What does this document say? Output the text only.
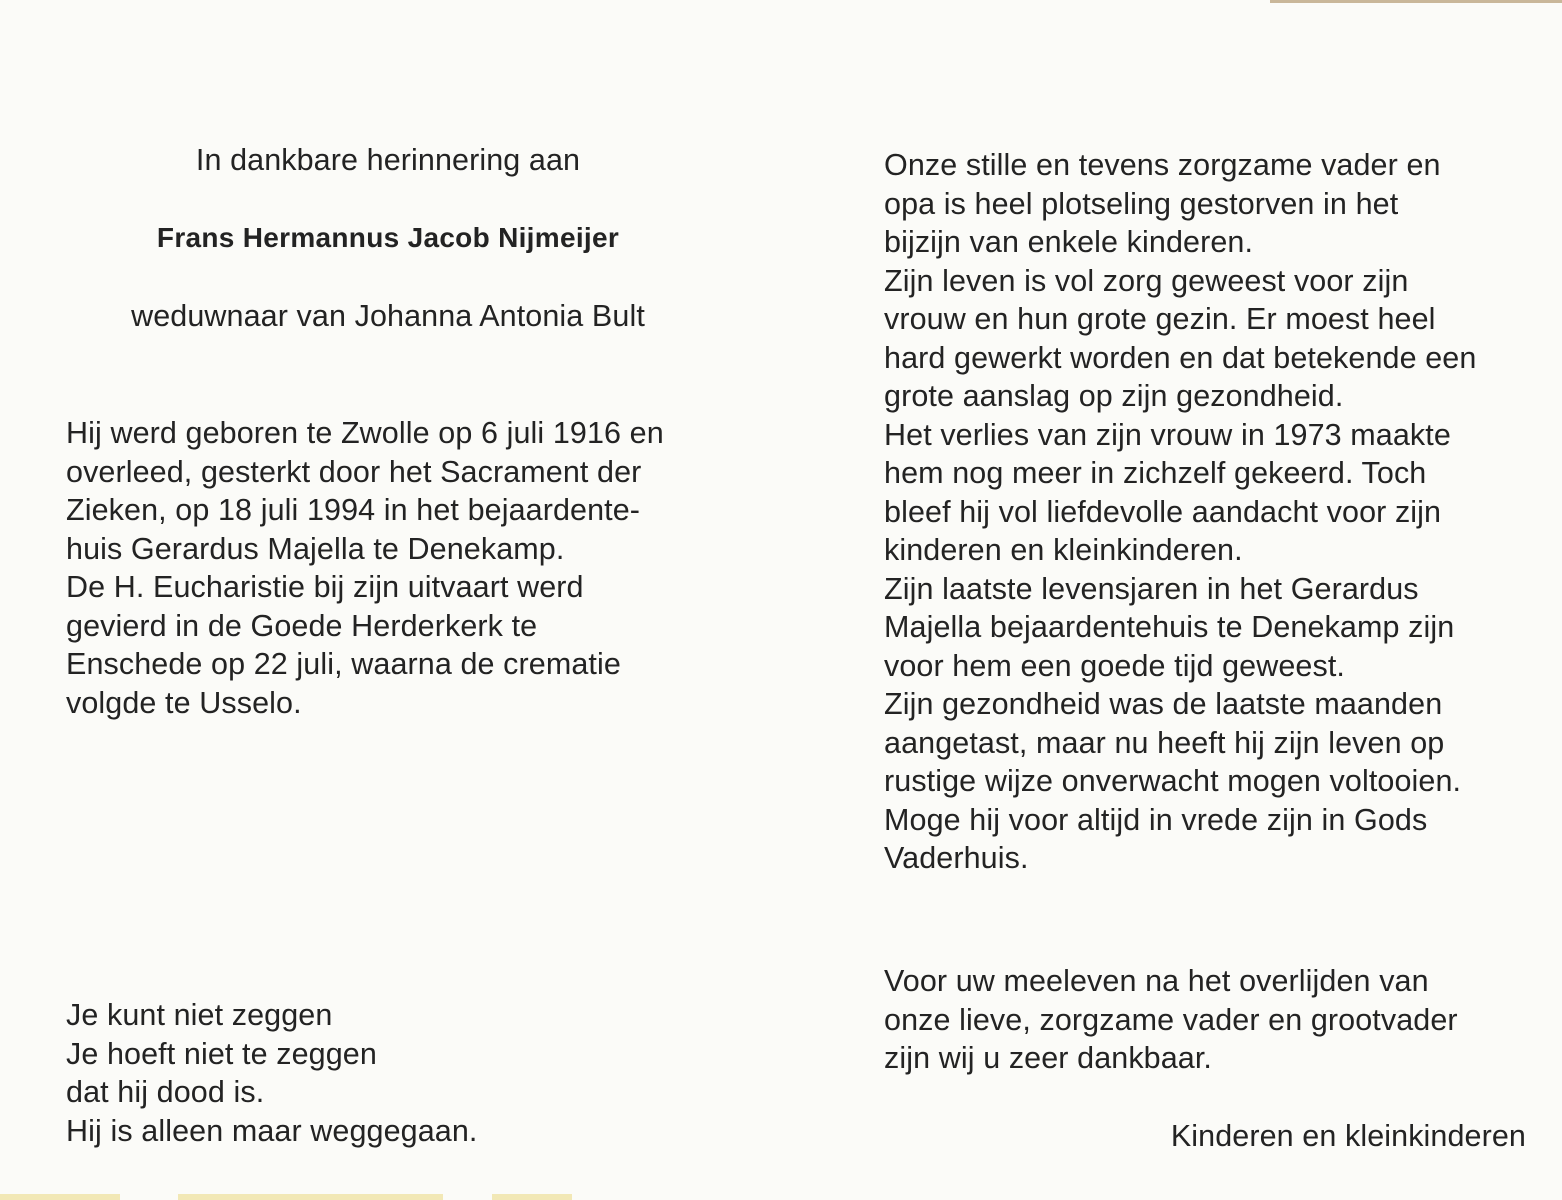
In dankbare herinnering aan
Frans Hermannus Jacob Nijmeijer
weduwnaar van Johanna Antonia Bult
Hij werd geboren te Zwolle op 6 juli 1916 en
overleed, gesterkt door het Sacrament der
Zieken, op 18 juli 1994 in het bejaardente-
huis Gerardus Majella te Denekamp.
De H. Eucharistie bij zijn uitvaart werd
gevierd in de Goede Herderkerk te
Enschede op 22 juli, waarna de crematie
volgde te Usselo.
Je kunt niet zeggen
Je hoeft niet te zeggen
dat hij dood is.
Hij is alleen maar weggegaan.
Onze stille en tevens zorgzame vader en
opa is heel plotseling gestorven in het
bijzijn van enkele kinderen.
Zijn leven is vol zorg geweest voor zijn
vrouw en hun grote gezin. Er moest heel
hard gewerkt worden en dat betekende een
grote aanslag op zijn gezondheid.
Het verlies van zijn vrouw in 1973 maakte
hem nog meer in zichzelf gekeerd. Toch
bleef hij vol liefdevolle aandacht voor zijn
kinderen en kleinkinderen.
Zijn laatste levensjaren in het Gerardus
Majella bejaardentehuis te Denekamp zijn
voor hem een goede tijd geweest.
Zijn gezondheid was de laatste maanden
aangetast, maar nu heeft hij zijn leven op
rustige wijze onverwacht mogen voltooien.
Moge hij voor altijd in vrede zijn in Gods
Vaderhuis.
Voor uw meeleven na het overlijden van
onze lieve, zorgzame vader en grootvader
zijn wij u zeer dankbaar.
Kinderen en kleinkinderen
